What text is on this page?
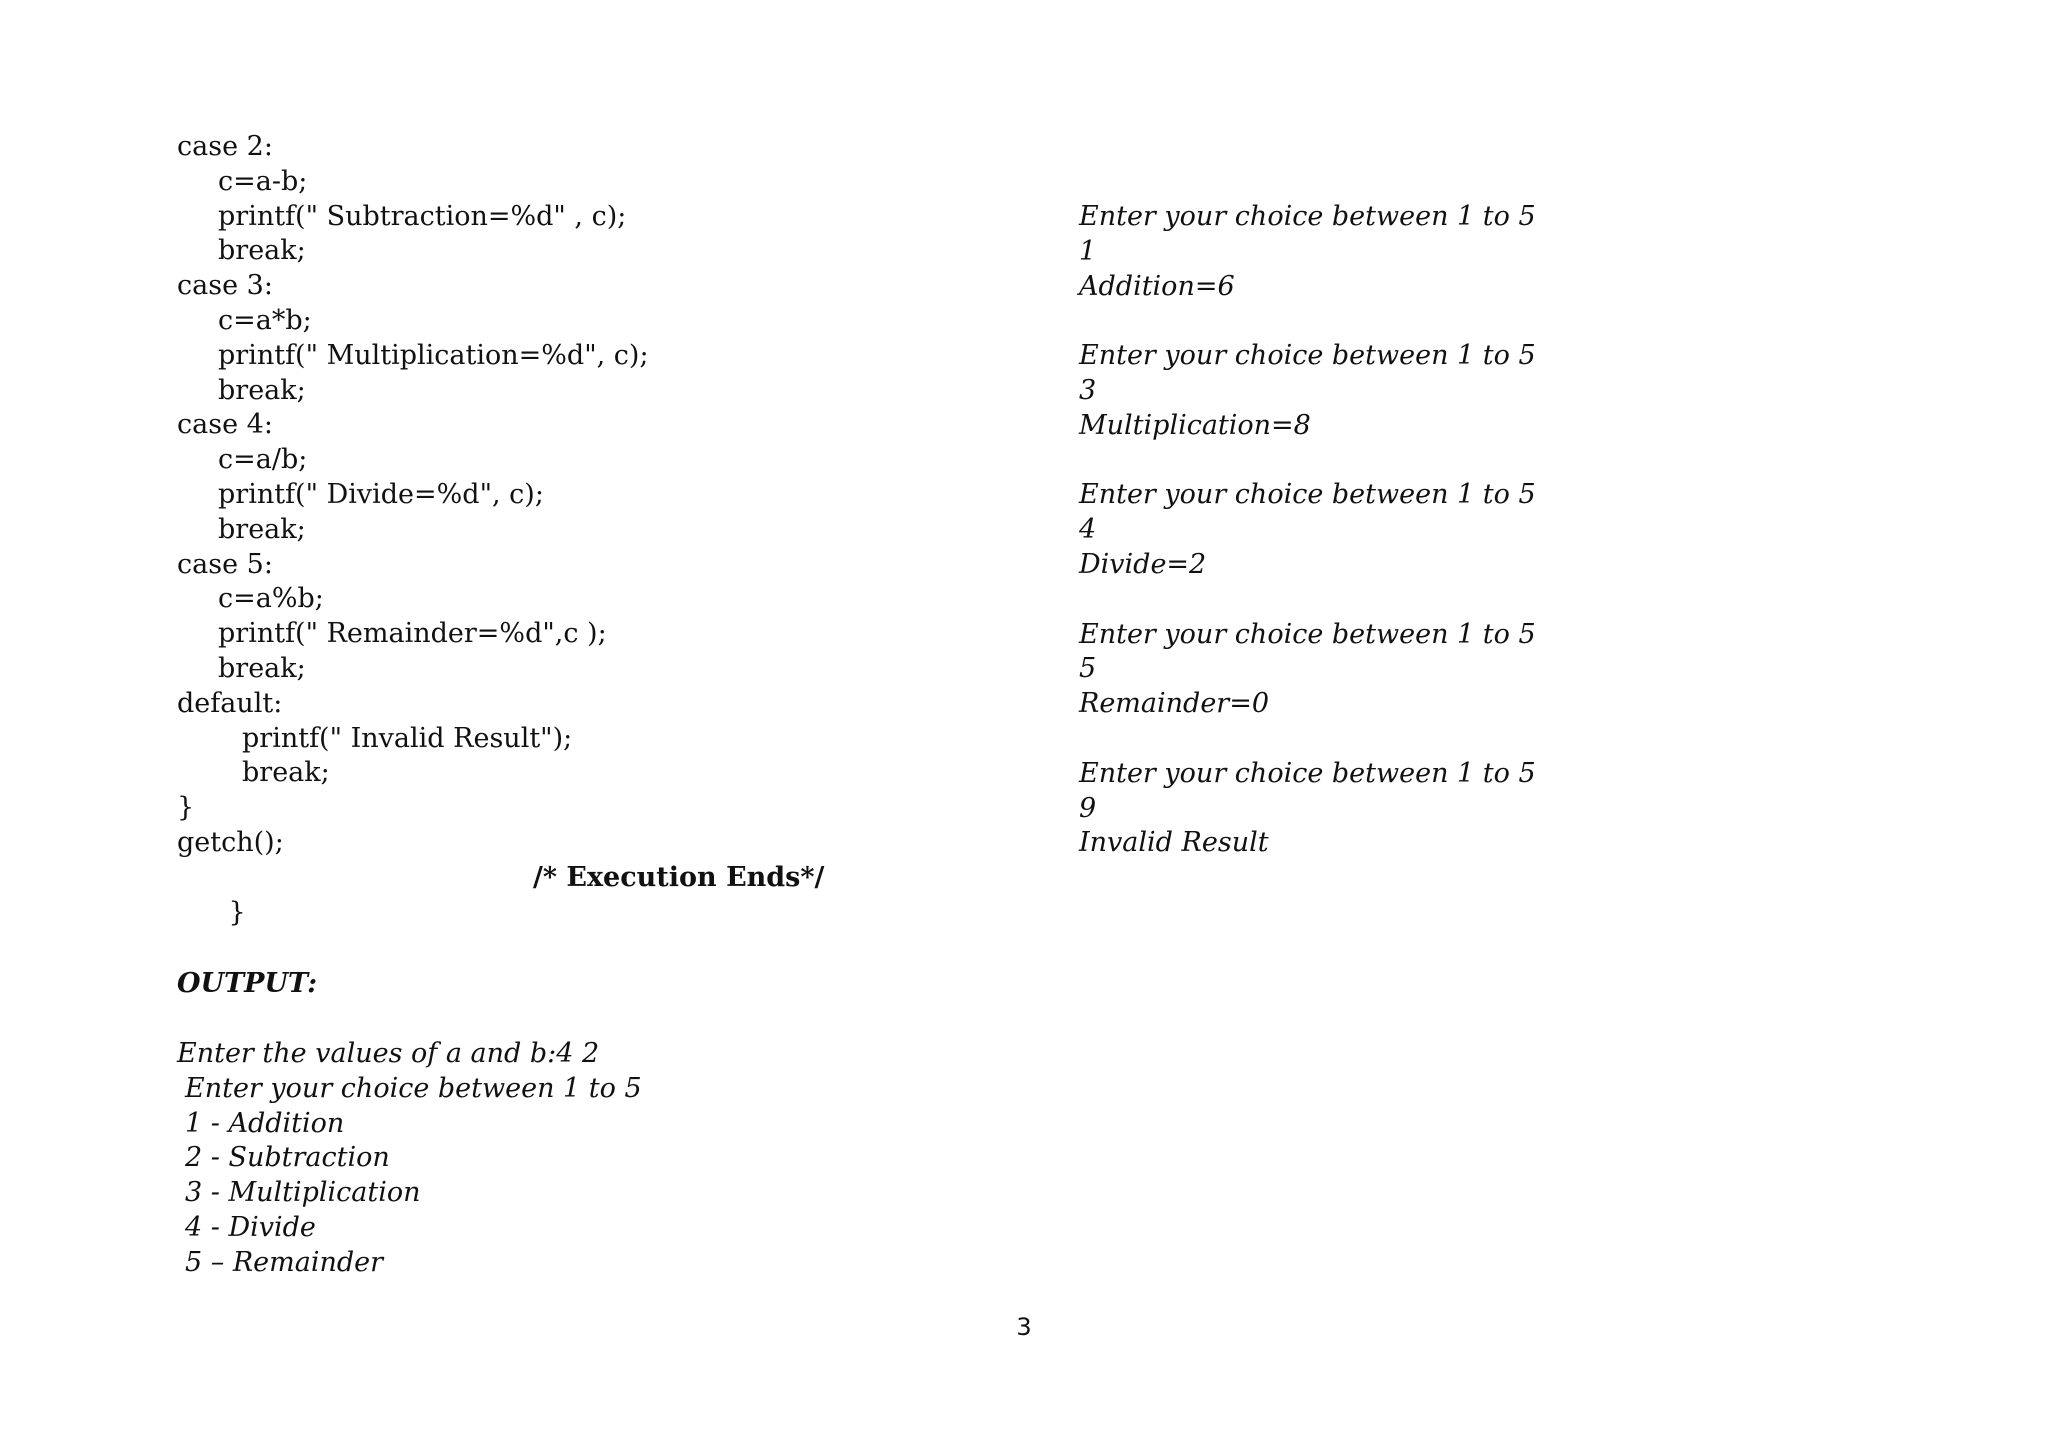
case 2:
c=a-b;
printf(" Subtraction=%d" , c);
break;
case 3:
c=a*b;
printf(" Multiplication=%d", c);
break;
case 4:
c=a/b;
printf(" Divide=%d", c);
break;
case 5:
c=a%b;
printf(" Remainder=%d",c );
break;
default:
printf(" Invalid Result");
break;
}
getch();

}

/* Execution Ends*/

Enter your choice between 1 to 5
1
Addition=6
Enter your choice between 1 to 5
3
Multiplication=8
Enter your choice between 1 to 5
4
Divide=2
Enter your choice between 1 to 5
5
Remainder=0
Enter your choice between 1 to 5
9
Invalid Result
OUTPUT:
Enter the values of a and b:4 2
Enter your choice between 1 to 5
1 - Addition
2 - Subtraction
3 - Multiplication
4 - Divide
5 – Remainder
3
